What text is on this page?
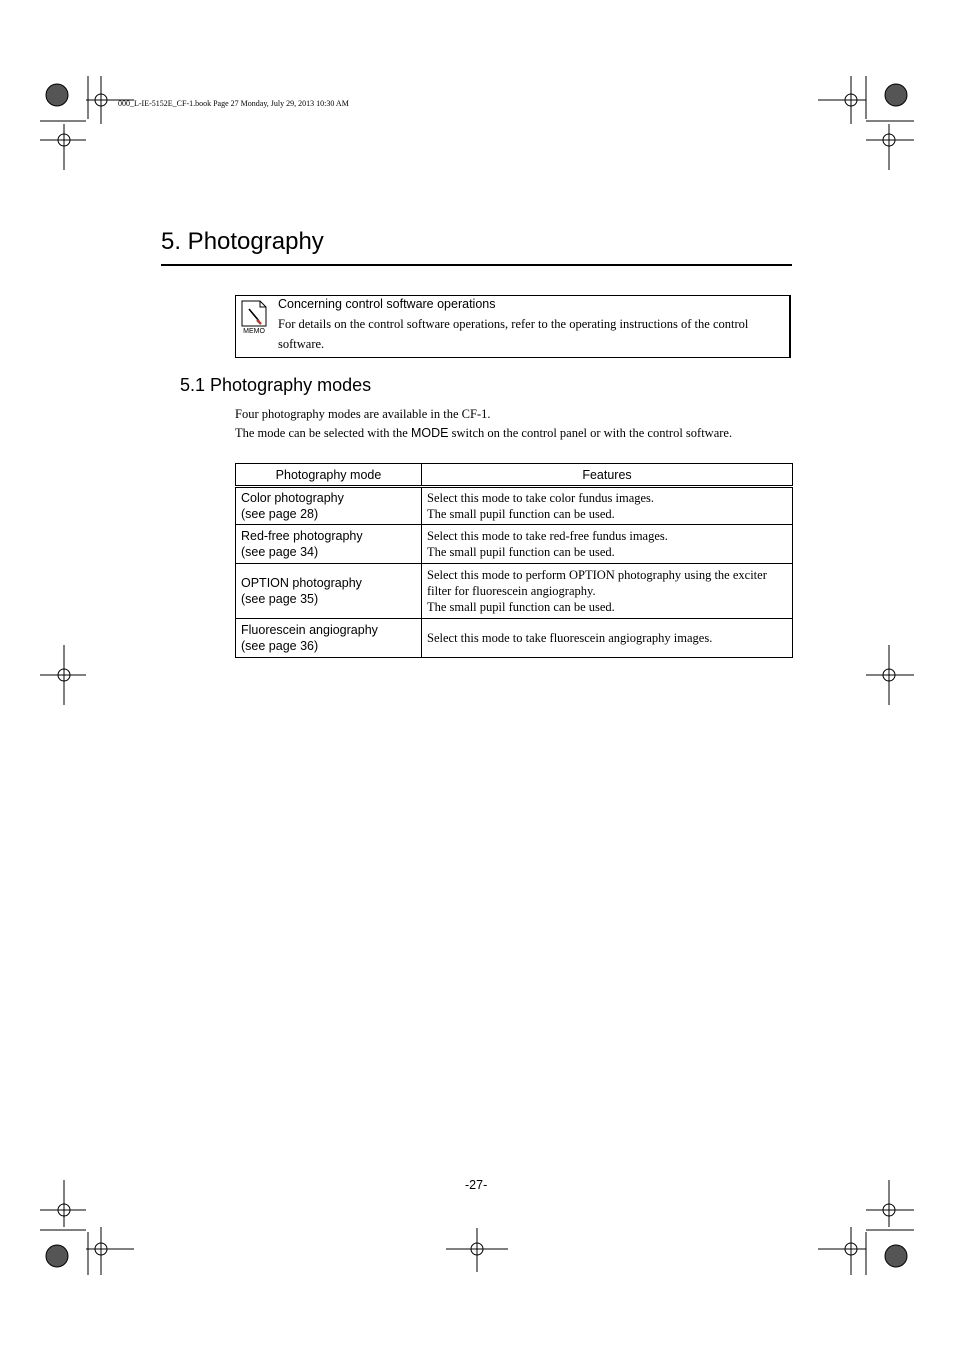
000_L-IE-5152E_CF-1.book Page 27 Monday, July 29, 2013 10:30 AM
5. Photography
MEMO
Concerning control software operations
For details on the control software operations, refer to the operating instructions of the control software.
5.1 Photography modes
Four photography modes are available in the CF-1.
The mode can be selected with the MODE switch on the control panel or with the control software.
Photography mode	Features
Color photography
(see page 28)	Select this mode to take color fundus images.
The small pupil function can be used.
Red-free photography
(see page 34)	Select this mode to take red-free fundus images.
The small pupil function can be used.
OPTION photography
(see page 35)	Select this mode to perform OPTION photography using the exciter
filter for fluorescein angiography.
The small pupil function can be used.
Fluorescein angiography
(see page 36)	Select this mode to take fluorescein angiography images.
-27-
